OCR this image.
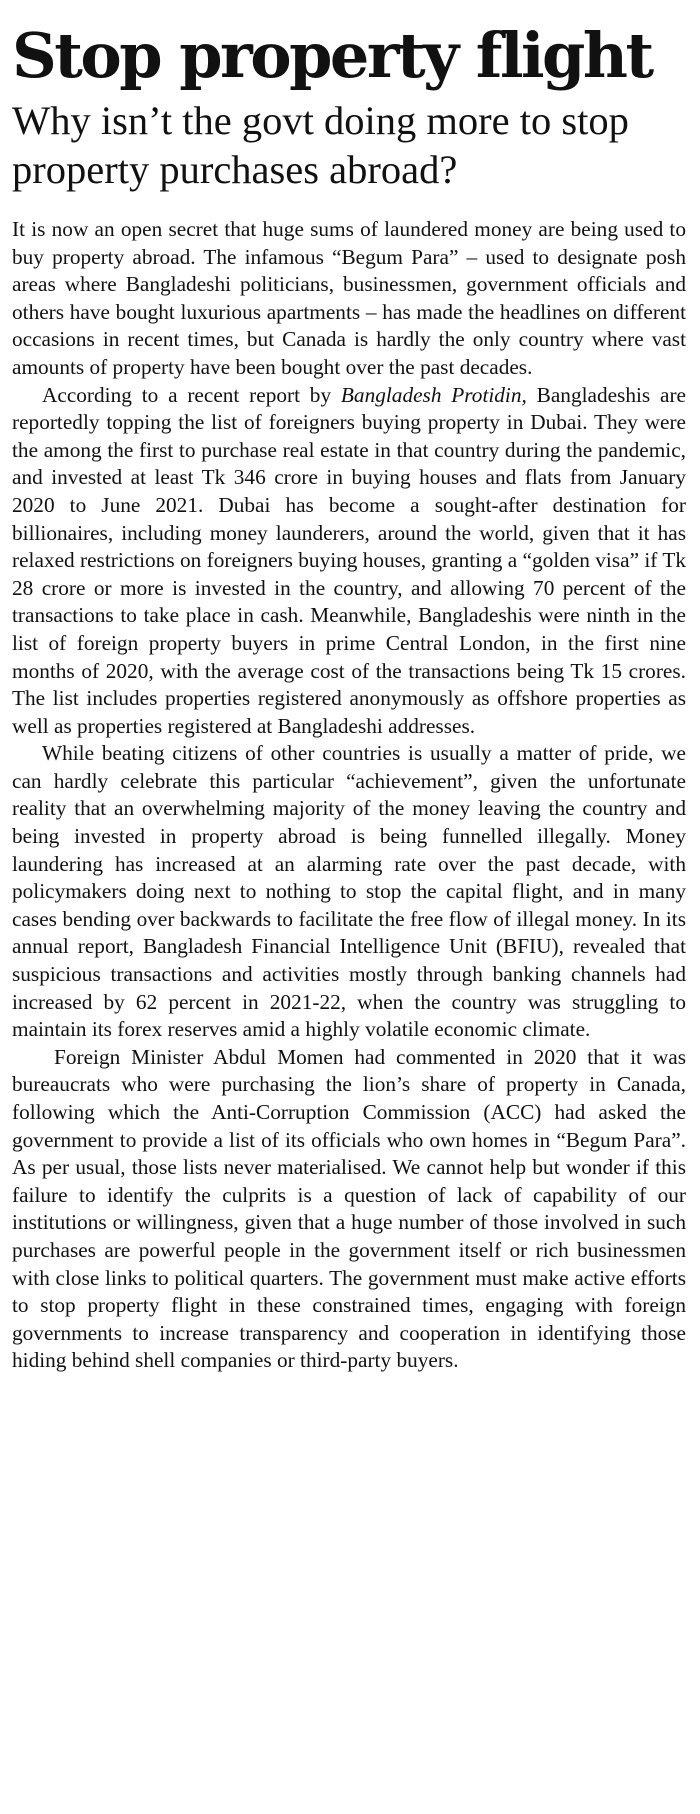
Stop property flight
Why isn’t the govt doing more to stop property purchases abroad?

It is now an open secret that huge sums of laundered money are being used to buy property abroad. The infamous “Begum Para” – used to designate posh areas where Bangladeshi politicians, businessmen, government officials and others have bought luxurious apartments – has made the headlines on different occasions in recent times, but Canada is hardly the only country where vast amounts of property have been bought over the past decades.

According to a recent report by Bangladesh Protidin, Bangladeshis are reportedly topping the list of foreigners buying property in Dubai. They were the among the first to purchase real estate in that country during the pandemic, and invested at least Tk 346 crore in buying houses and flats from January 2020 to June 2021. Dubai has become a sought-after destination for billionaires, including money launderers, around the world, given that it has relaxed restrictions on foreigners buying houses, granting a “golden visa” if Tk 28 crore or more is invested in the country, and allowing 70 percent of the transactions to take place in cash. Meanwhile, Bangladeshis were ninth in the list of foreign property buyers in prime Central London, in the first nine months of 2020, with the average cost of the transactions being Tk 15 crores. The list includes properties registered anonymously as offshore properties as well as properties registered at Bangladeshi addresses.

While beating citizens of other countries is usually a matter of pride, we can hardly celebrate this particular “achievement”, given the unfortunate reality that an overwhelming majority of the money leaving the country and being invested in property abroad is being funnelled illegally. Money laundering has increased at an alarming rate over the past decade, with policymakers doing next to nothing to stop the capital flight, and in many cases bending over backwards to facilitate the free flow of illegal money. In its annual report, Bangladesh Financial Intelligence Unit (BFIU), revealed that suspicious transactions and activities mostly through banking channels had increased by 62 percent in 2021-22, when the country was struggling to maintain its forex reserves amid a highly volatile economic climate.

Foreign Minister Abdul Momen had commented in 2020 that it was bureaucrats who were purchasing the lion’s share of property in Canada, following which the Anti-Corruption Commission (ACC) had asked the government to provide a list of its officials who own homes in “Begum Para”. As per usual, those lists never materialised. We cannot help but wonder if this failure to identify the culprits is a question of lack of capability of our institutions or willingness, given that a huge number of those involved in such purchases are powerful people in the government itself or rich businessmen with close links to political quarters. The government must make active efforts to stop property flight in these constrained times, engaging with foreign governments to increase transparency and cooperation in identifying those hiding behind shell companies or third-party buyers.
